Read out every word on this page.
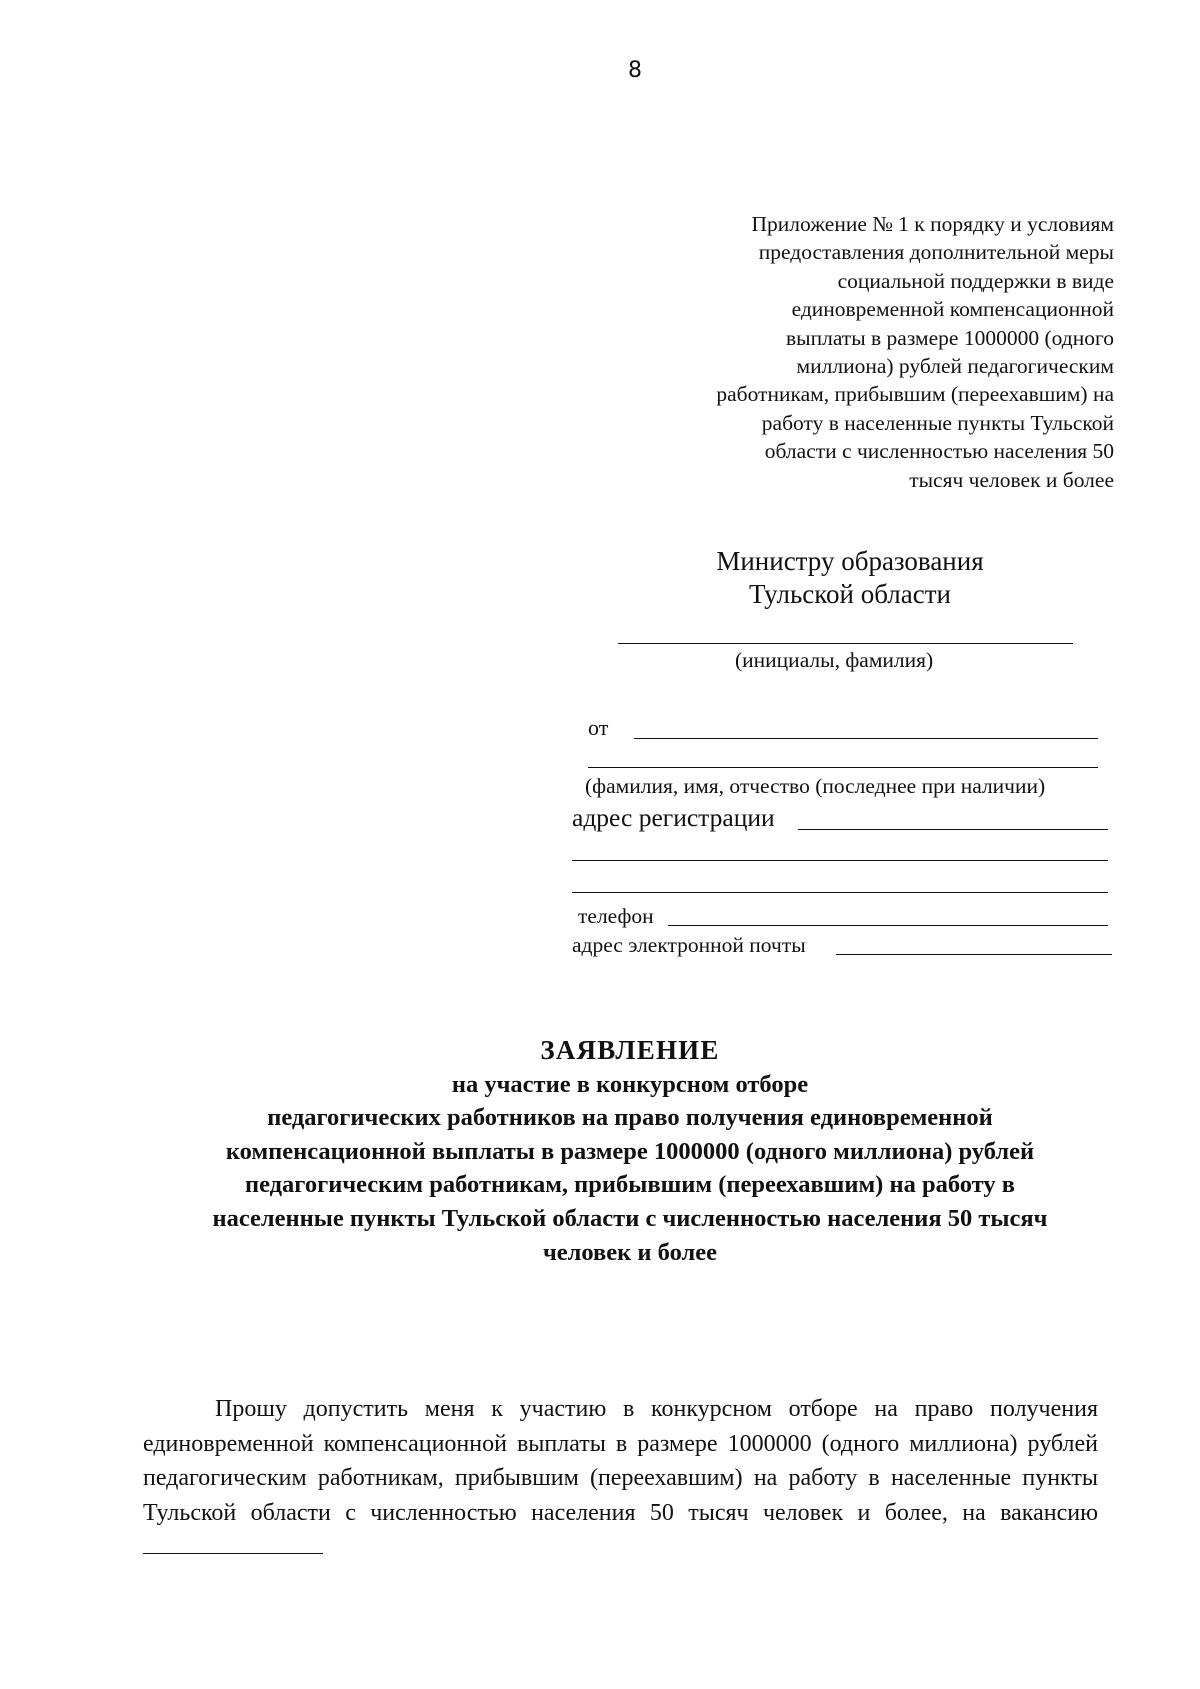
8
Приложение № 1 к порядку и условиям
предоставления дополнительной меры
социальной поддержки в виде
единовременной компенсационной
выплаты в размере 1000000 (одного
миллиона) рублей педагогическим
работникам, прибывшим (переехавшим) на
работу в населенные пункты Тульской
области с численностью населения 50
тысяч человек и более
Министру образования
Тульской области
(инициалы, фамилия)
от
(фамилия, имя, отчество (последнее при наличии)
адрес регистрации
телефон
адрес электронной почты
ЗАЯВЛЕНИЕ
на участие в конкурсном отборе
педагогических работников на право получения единовременной
компенсационной выплаты в размере 1000000 (одного миллиона) рублей
педагогическим работникам, прибывшим (переехавшим) на работу в
населенные пункты Тульской области с численностью населения 50 тысяч
человек и более
Прошу допустить меня к участию в конкурсном отборе на право получения единовременной компенсационной выплаты в размере 1000000 (одного миллиона) рублей педагогическим работникам, прибывшим (переехавшим) на работу в населенные пункты Тульской области с численностью населения 50 тысяч человек и более, на вакансию
